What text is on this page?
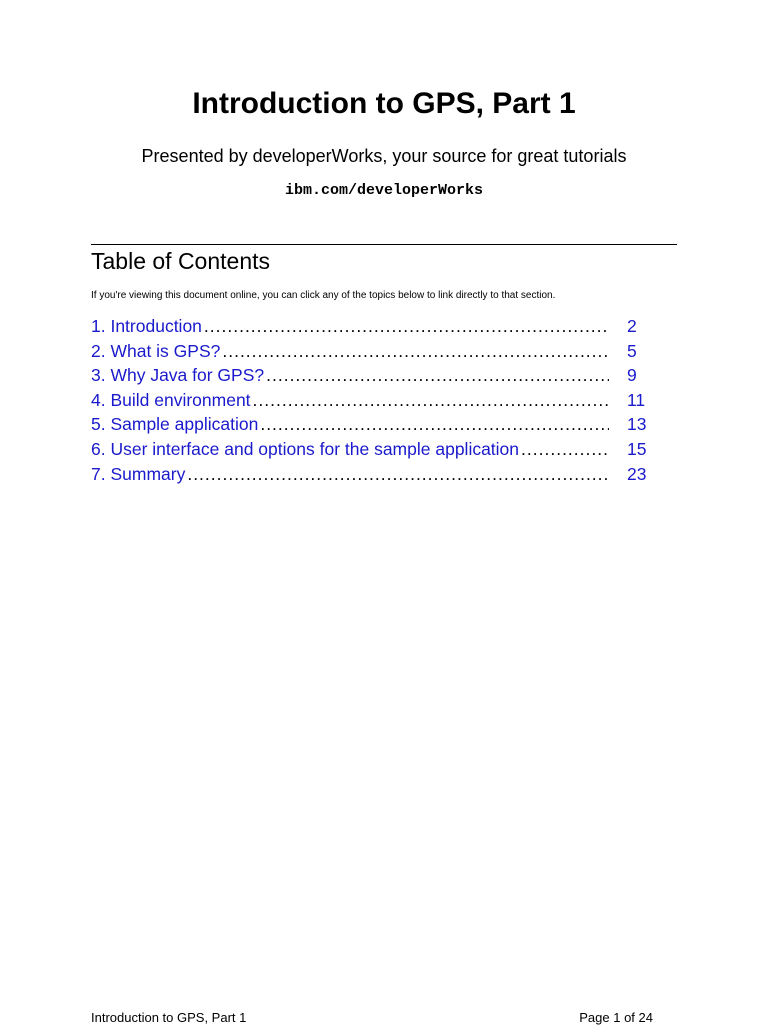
Introduction to GPS, Part 1
Presented by developerWorks, your source for great tutorials
ibm.com/developerWorks
Table of Contents
If you're viewing this document online, you can click any of the topics below to link directly to that section.
1. Introduction .....	2
2. What is GPS? .....	5
3. Why Java for GPS? .....	9
4. Build environment .....	11
5. Sample application .....	13
6. User interface and options for the sample application .....	15
7. Summary .....	23
Introduction to GPS, Part 1	Page 1 of 24
